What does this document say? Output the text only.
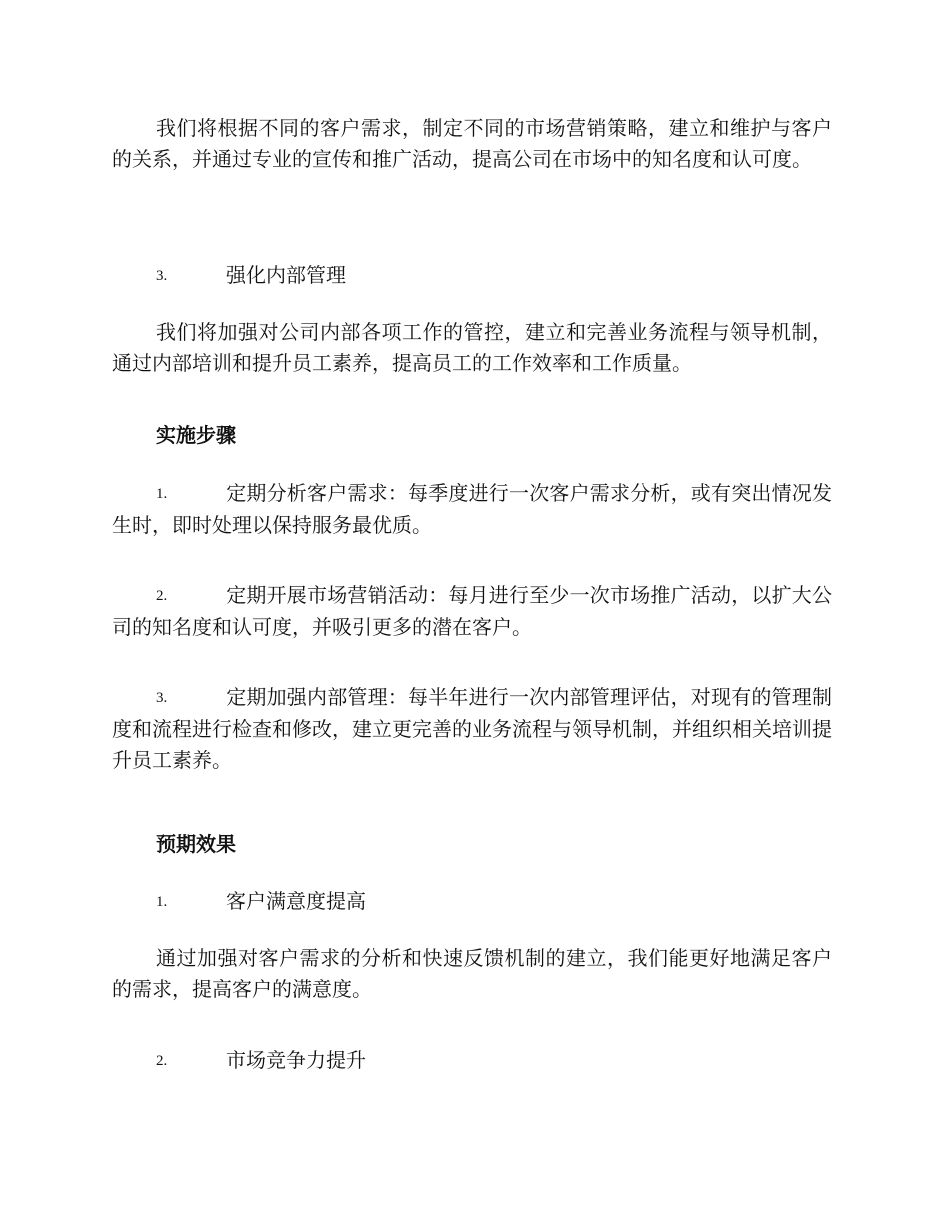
我们将根据不同的客户需求，制定不同的市场营销策略，建立和维护与客户的关系，并通过专业的宣传和推广活动，提高公司在市场中的知名度和认可度。

3.	强化内部管理

我们将加强对公司内部各项工作的管控，建立和完善业务流程与领导机制，通过内部培训和提升员工素养，提高员工的工作效率和工作质量。

实施步骤

1.	定期分析客户需求：每季度进行一次客户需求分析，或有突出情况发生时，即时处理以保持服务最优质。

2.	定期开展市场营销活动：每月进行至少一次市场推广活动，以扩大公司的知名度和认可度，并吸引更多的潜在客户。

3.	定期加强内部管理：每半年进行一次内部管理评估，对现有的管理制度和流程进行检查和修改，建立更完善的业务流程与领导机制，并组织相关培训提升员工素养。

预期效果

1.	客户满意度提高

通过加强对客户需求的分析和快速反馈机制的建立，我们能更好地满足客户的需求，提高客户的满意度。

2.	市场竞争力提升
